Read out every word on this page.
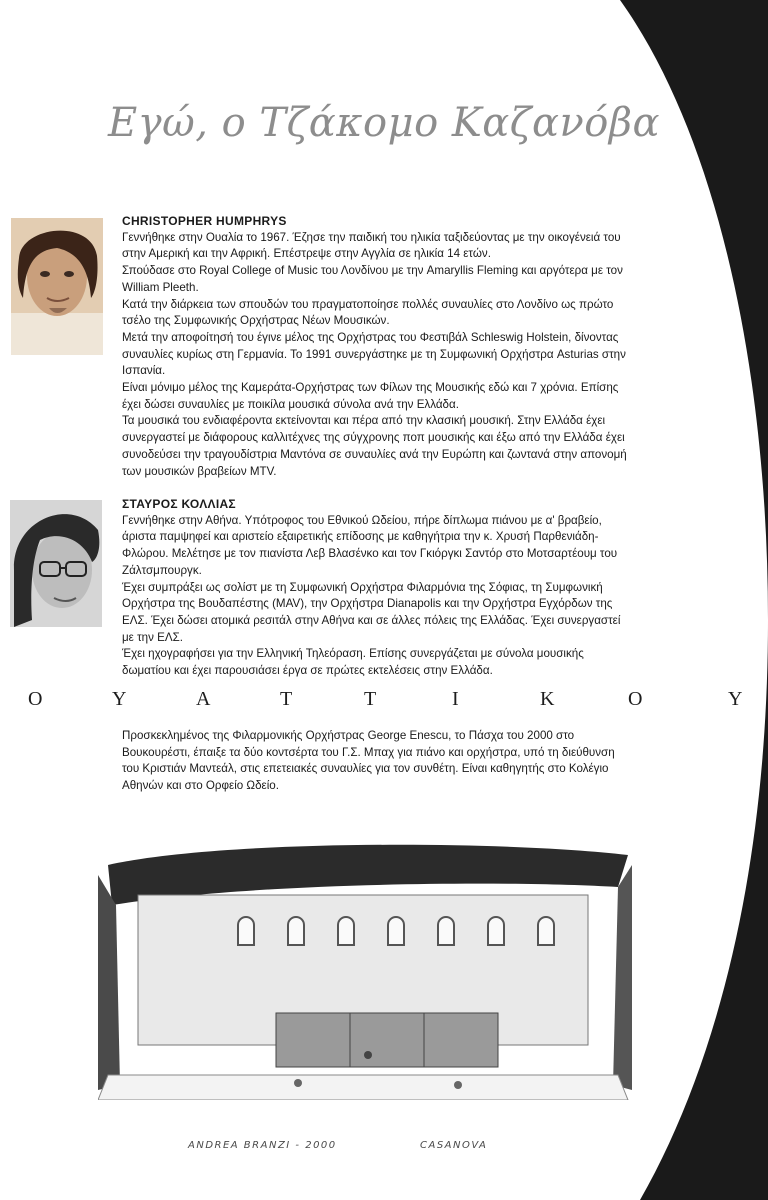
Εγώ, ο Τζάκομο Καζανόβα
CHRISTOPHER HUMPHRYS

Γεννήθηκε στην Ουαλία το 1967. Έζησε την παιδική του ηλικία ταξιδεύοντας με την οικογένειά του στην Αμερική και την Αφρική. Επέστρεψε στην Αγγλία σε ηλικία 14 ετών.

Σπούδασε στο Royal College of Music του Λονδίνου με την Amaryllis Fleming και αργότερα με τον William Pleeth.

Κατά την διάρκεια των σπουδών του πραγματοποίησε πολλές συναυλίες στο Λονδίνο ως πρώτο τσέλο της Συμφωνικής Ορχήστρας Νέων Μουσικών.

Μετά την αποφοίτησή του έγινε μέλος της Ορχήστρας του Φεστιβάλ Schleswig Holstein, δίνοντας συναυλίες κυρίως στη Γερμανία. Το 1991 συνεργάστηκε με τη Συμφωνική Ορχήστρα Asturias στην Ισπανία.

Είναι μόνιμο μέλος της Καμεράτα-Ορχήστρας των Φίλων της Μουσικής εδώ και 7 χρόνια. Επίσης έχει δώσει συναυλίες με ποικίλα μουσικά σύνολα ανά την Ελλάδα.

Τα μουσικά του ενδιαφέροντα εκτείνονται και πέρα από την κλασική μουσική. Στην Ελλάδα έχει συνεργαστεί με διάφορους καλλιτέχνες της σύγχρονης ποπ μουσικής και έξω από την Ελλάδα έχει συνοδεύσει την τραγουδίστρια Μαντόνα σε συναυλίες ανά την Ευρώπη και ζωντανά στην απονομή των μουσικών βραβείων MTV.

ΣΤΑΥΡΟΣ ΚΟΛΛΙΑΣ

Γεννήθηκε στην Αθήνα. Υπότροφος του Εθνικού Ωδείου, πήρε δίπλωμα πιάνου με α' βραβείο, άριστα παμψηφεί και αριστείο εξαιρετικής επίδοσης με καθηγήτρια την κ. Χρυσή Παρθενιάδη-Φλώρου. Μελέτησε με τον πιανίστα Λεβ Βλασένκο και τον Γκιόργκι Σαντόρ στο Μοτσαρτέουμ του Ζάλτσμπουργκ.

Έχει συμπράξει ως σολίστ με τη Συμφωνική Ορχήστρα Φιλαρμόνια της Σόφιας, τη Συμφωνική Ορχήστρα της Βουδαπέστης (MAV), την Ορχήστρα Dianapolis και την Ορχήστρα Εγχόρδων της ΕΛΣ. Έχει δώσει ατομικά ρεσιτάλ στην Αθήνα και σε άλλες πόλεις της Ελλάδας. Έχει συνεργαστεί με την ΕΛΣ.

Έχει ηχογραφήσει για την Ελληνική Τηλεόραση. Επίσης συνεργάζεται με σύνολα μουσικής δωματίου και έχει παρουσιάσει έργα σε πρώτες εκτελέσεις στην Ελλάδα.

Ο	Υ	Α	Τ	Τ	Ι	Κ	Ο	Υ

Προσκεκλημένος της Φιλαρμονικής Ορχήστρας George Enescu, το Πάσχα του 2000 στο Βουκουρέστι, έπαιξε τα δύο κοντσέρτα του Γ.Σ. Μπαχ για πιάνο και ορχήστρα, υπό τη διεύθυνση του Κριστιάν Μαντεάλ, στις επετειακές συναυλίες για τον συνθέτη. Είναι καθηγητής στο Κολέγιο Αθηνών και στο Ορφείο Ωδείο.

ANDREA BRANZI - 2000	CASANOVA
